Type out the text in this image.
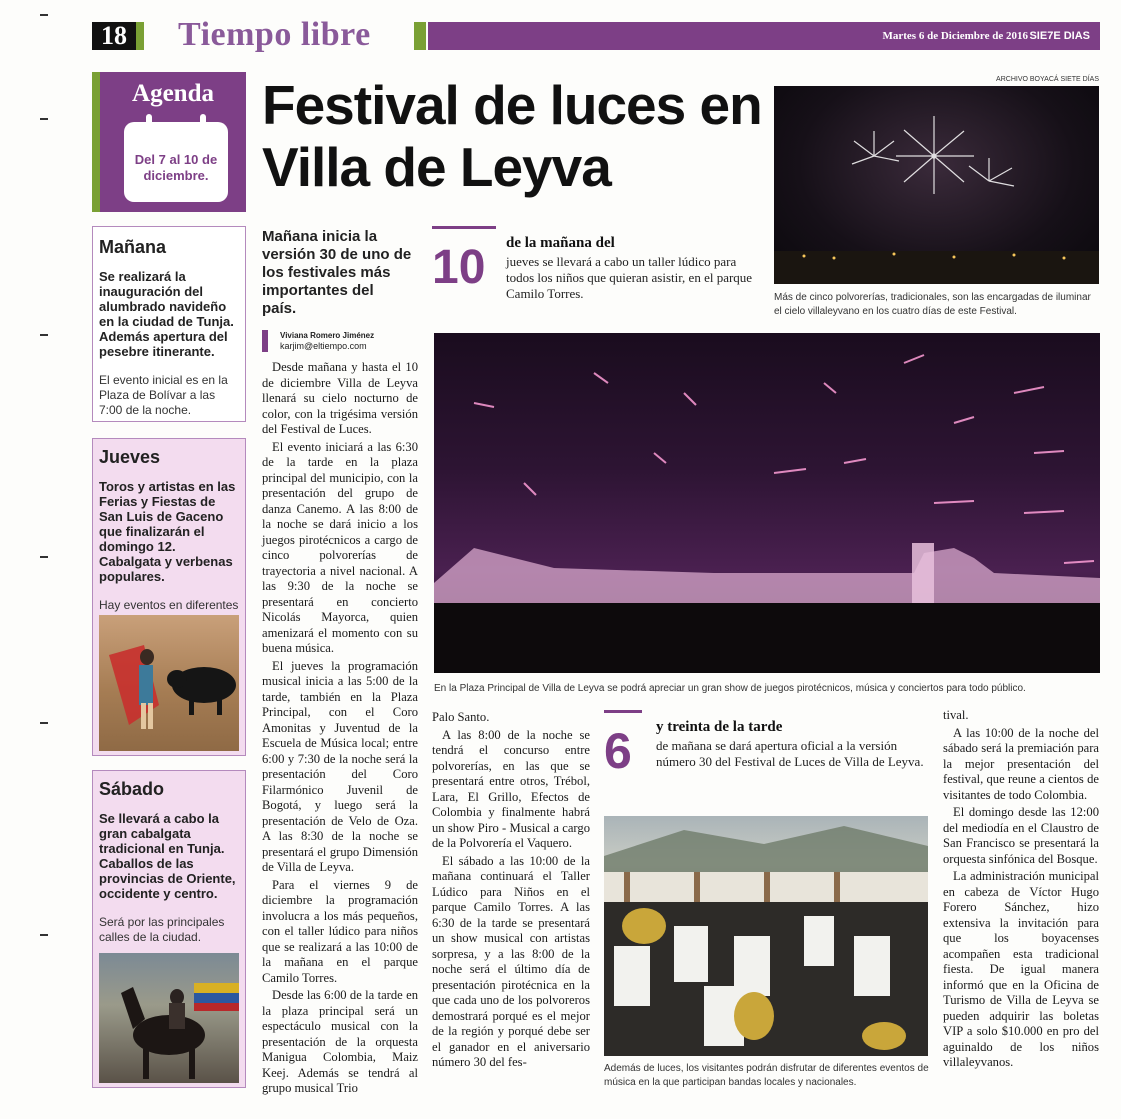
18 Tiempo libre	Martes 6 de Diciembre de 2016 SIE7E DIAS
Agenda
Del 7 al 10 de diciembre.
Mañana
Se realizará la inauguración del alumbrado navideño en la ciudad de Tunja. Además apertura del pesebre itinerante.
El evento inicial es en la Plaza de Bolívar a las 7:00 de la noche.
Jueves
Toros y artistas en las Ferias y Fiestas de San Luis de Gaceno que finalizarán el domingo 12. Cabalgata y verbenas populares.
Hay eventos en diferentes
Sábado
Se llevará a cabo la gran cabalgata tradicional en Tunja. Caballos de las provincias de Oriente, occidente y centro.
Será por las principales calles de la ciudad.
Festival de luces en Villa de Leyva
Mañana inicia la versión 30 de uno de los festivales más importantes del país.
Viviana Romero Jiménez
karjim@eltiempo.com
10 de la mañana del
jueves se llevará a cabo un taller lúdico para todos los niños que quieran asistir, en el parque Camilo Torres.
ARCHIVO BOYACÁ SIETE DÍAS
Más de cinco polvorerías, tradicionales, son las encargadas de iluminar el cielo villaleyvano en los cuatro días de este Festival.
En la Plaza Principal de Villa de Leyva se podrá apreciar un gran show de juegos pirotécnicos, música y conciertos para todo público.

Desde mañana y hasta el 10 de diciembre Villa de Leyva llenará su cielo nocturno de color, con la trigésima versión del Festival de Luces.

El evento iniciará a las 6:30 de la tarde en la plaza principal del municipio, con la presentación del grupo de danza Canemo. A las 8:00 de la noche se dará inicio a los juegos pirotécnicos a cargo de cinco polvorerías de trayectoria a nivel nacional. A las 9:30 de la noche se presentará en concierto Nicolás Mayorca, quien amenizará el momento con su buena música.

El jueves la programación musical inicia a las 5:00 de la tarde, también en la Plaza Principal, con el Coro Amonitas y Juventud de la Escuela de Música local; entre 6:00 y 7:30 de la noche será la presentación del Coro Filarmónico Juvenil de Bogotá, y luego será la presentación de Velo de Oza. A las 8:30 de la noche se presentará el grupo Dimensión de Villa de Leyva.

Para el viernes 9 de diciembre la programación involucra a los más pequeños, con el taller lúdico para niños que se realizará a las 10:00 de la mañana en el parque Camilo Torres.

Desde las 6:00 de la tarde en la plaza principal será un espectáculo musical con la presentación de la orquesta Manigua Colombia, Maiz Keej. Además se tendrá al grupo musical Trio

Palo Santo.

A las 8:00 de la noche se tendrá el concurso entre polvorerías, en las que se presentará entre otros, Trébol, Lara, El Grillo, Efectos de Colombia y finalmente habrá un show Piro - Musical a cargo de la Polvorería el Vaquero.

El sábado a las 10:00 de la mañana continuará el Taller Lúdico para Niños en el parque Camilo Torres. A las 6:30 de la tarde se presentará un show musical con artistas sorpresa, y a las 8:00 de la noche será el último día de presentación pirotécnica en la que cada uno de los polvoreros demostrará porqué es el mejor de la región y porqué debe ser el ganador en el aniversario número 30 del fes-

6 y treinta de la tarde
de mañana se dará apertura oficial a la versión número 30 del Festival de Luces de Villa de Leyva.
Además de luces, los visitantes podrán disfrutar de diferentes eventos de música en la que participan bandas locales y nacionales.

tival.

A las 10:00 de la noche del sábado será la premiación para la mejor presentación del festival, que reune a cientos de visitantes de todo Colombia.

El domingo desde las 12:00 del mediodía en el Claustro de San Francisco se presentará la orquesta sinfónica del Bosque.

La administración municipal en cabeza de Víctor Hugo Forero Sánchez, hizo extensiva la invitación para que los boyacenses acompañen esta tradicional fiesta. De igual manera informó que en la Oficina de Turismo de Villa de Leyva se pueden adquirir las boletas VIP a solo $10.000 en pro del aguinaldo de los niños villaleyvanos.
